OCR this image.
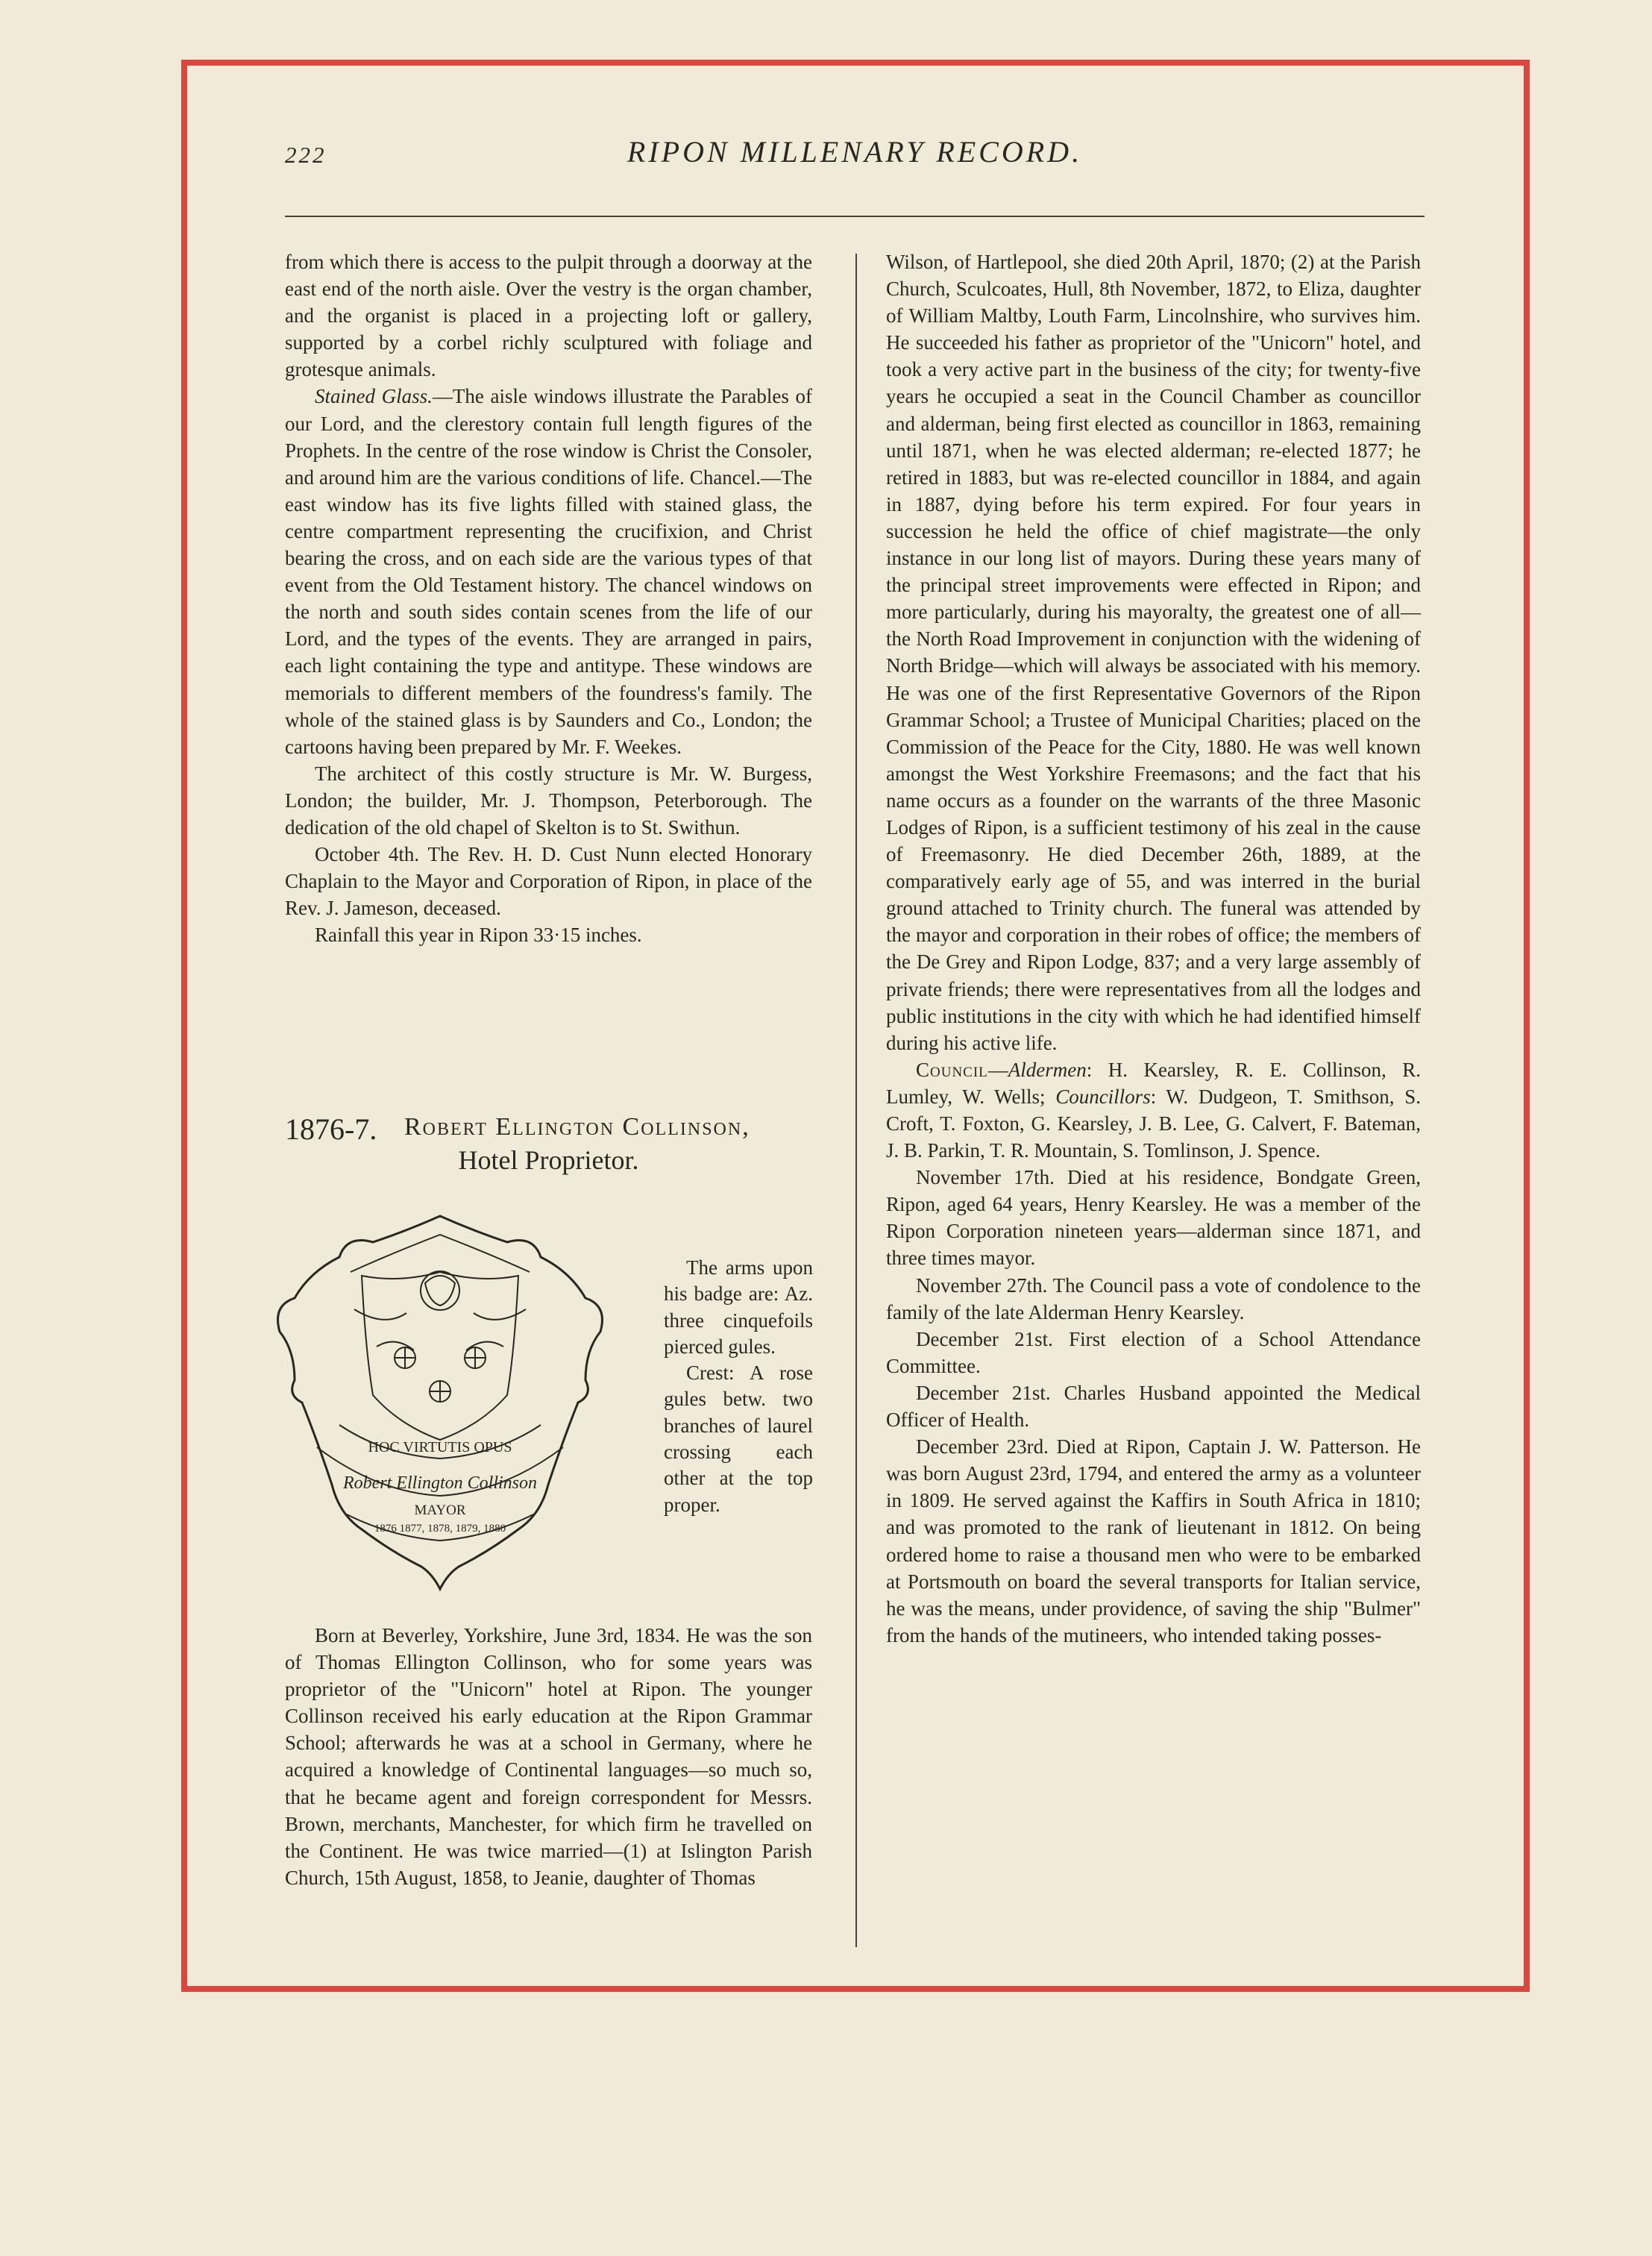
222	RIPON MILLENARY RECORD.

from which there is access to the pulpit through a doorway at the east end of the north aisle. Over the vestry is the organ chamber, and the organist is placed in a projecting loft or gallery, supported by a corbel richly sculptured with foliage and grotesque animals.

Stained Glass.—The aisle windows illustrate the Parables of our Lord, and the clerestory contain full length figures of the Prophets. In the centre of the rose window is Christ the Consoler, and around him are the various conditions of life. Chancel.—The east window has its five lights filled with stained glass, the centre compartment representing the crucifixion, and Christ bearing the cross, and on each side are the various types of that event from the Old Testament history. The chancel windows on the north and south sides contain scenes from the life of our Lord, and the types of the events. They are arranged in pairs, each light containing the type and antitype. These windows are memorials to different members of the foundress's family. The whole of the stained glass is by Saunders and Co., London; the cartoons having been prepared by Mr. F. Weekes.

The architect of this costly structure is Mr. W. Burgess, London; the builder, Mr. J. Thompson, Peterborough. The dedication of the old chapel of Skelton is to St. Swithun.

October 4th. The Rev. H. D. Cust Nunn elected Honorary Chaplain to the Mayor and Corporation of Ripon, in place of the Rev. J. Jameson, deceased.

Rainfall this year in Ripon 33·15 inches.

1876-7. Robert Ellington Collinson,
Hotel Proprietor.
HOC VIRTUTIS OPUS
Robert Ellington Collinson
MAYOR
1876 1877, 1878, 1879, 1880

The arms upon his badge are: Az. three cinquefoils pierced gules.

Crest: A rose gules betw. two branches of laurel crossing each other at the top proper.

Born at Beverley, Yorkshire, June 3rd, 1834. He was the son of Thomas Ellington Collinson, who for some years was proprietor of the "Unicorn" hotel at Ripon. The younger Collinson received his early education at the Ripon Grammar School; afterwards he was at a school in Germany, where he acquired a knowledge of Continental languages—so much so, that he became agent and foreign correspondent for Messrs. Brown, merchants, Manchester, for which firm he travelled on the Continent. He was twice married—(1) at Islington Parish Church, 15th August, 1858, to Jeanie, daughter of Thomas

Wilson, of Hartlepool, she died 20th April, 1870; (2) at the Parish Church, Sculcoates, Hull, 8th November, 1872, to Eliza, daughter of William Maltby, Louth Farm, Lincolnshire, who survives him. He succeeded his father as proprietor of the "Unicorn" hotel, and took a very active part in the business of the city; for twenty-five years he occupied a seat in the Council Chamber as councillor and alderman, being first elected as councillor in 1863, remaining until 1871, when he was elected alderman; re-elected 1877; he retired in 1883, but was re-elected councillor in 1884, and again in 1887, dying before his term expired. For four years in succession he held the office of chief magistrate—the only instance in our long list of mayors. During these years many of the principal street improvements were effected in Ripon; and more particularly, during his mayoralty, the greatest one of all—the North Road Improvement in conjunction with the widening of North Bridge—which will always be associated with his memory. He was one of the first Representative Governors of the Ripon Grammar School; a Trustee of Municipal Charities; placed on the Commission of the Peace for the City, 1880. He was well known amongst the West Yorkshire Freemasons; and the fact that his name occurs as a founder on the warrants of the three Masonic Lodges of Ripon, is a sufficient testimony of his zeal in the cause of Freemasonry. He died December 26th, 1889, at the comparatively early age of 55, and was interred in the burial ground attached to Trinity church. The funeral was attended by the mayor and corporation in their robes of office; the members of the De Grey and Ripon Lodge, 837; and a very large assembly of private friends; there were representatives from all the lodges and public institutions in the city with which he had identified himself during his active life.

Council—Aldermen: H. Kearsley, R. E. Collinson, R. Lumley, W. Wells; Councillors: W. Dudgeon, T. Smithson, S. Croft, T. Foxton, G. Kearsley, J. B. Lee, G. Calvert, F. Bateman, J. B. Parkin, T. R. Mountain, S. Tomlinson, J. Spence.

November 17th. Died at his residence, Bondgate Green, Ripon, aged 64 years, Henry Kearsley. He was a member of the Ripon Corporation nineteen years—alderman since 1871, and three times mayor.

November 27th. The Council pass a vote of condolence to the family of the late Alderman Henry Kearsley.

December 21st. First election of a School Attendance Committee.

December 21st. Charles Husband appointed the Medical Officer of Health.

December 23rd. Died at Ripon, Captain J. W. Patterson. He was born August 23rd, 1794, and entered the army as a volunteer in 1809. He served against the Kaffirs in South Africa in 1810; and was promoted to the rank of lieutenant in 1812. On being ordered home to raise a thousand men who were to be embarked at Portsmouth on board the several transports for Italian service, he was the means, under providence, of saving the ship "Bulmer" from the hands of the mutineers, who intended taking posses-
